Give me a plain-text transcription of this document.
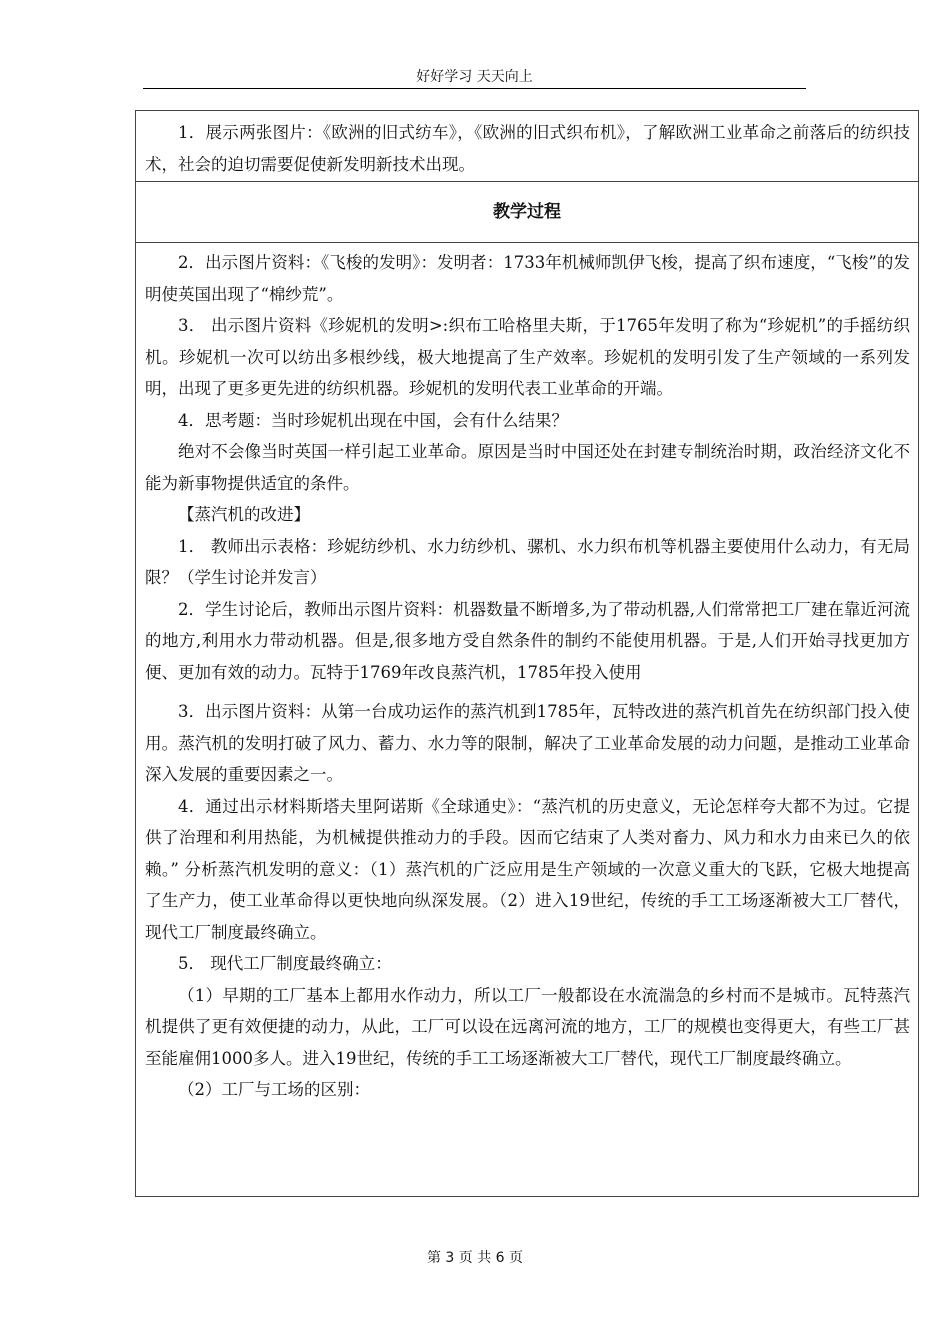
好好学习 天天向上

1．展示两张图片：《欧洲的旧式纺车》，《欧洲的旧式织布机》，了解欧洲工业革命之前落后的纺织技术，社会的迫切需要促使新发明新技术出现。

教学过程

2．出示图片资料：《飞梭的发明》：发明者：1733年机械师凯伊飞梭，提高了织布速度，“飞梭”的发明使英国出现了“棉纱荒”。

3． 出示图片资料《珍妮机的发明>:织布工哈格里夫斯，于1765年发明了称为“珍妮机”的手摇纺织机。珍妮机一次可以纺出多根纱线，极大地提高了生产效率。珍妮机的发明引发了生产领域的一系列发明，出现了更多更先进的纺织机器。珍妮机的发明代表工业革命的开端。

4．思考题：当时珍妮机出现在中国，会有什么结果？

绝对不会像当时英国一样引起工业革命。原因是当时中国还处在封建专制统治时期，政治经济文化不能为新事物提供适宜的条件。

【蒸汽机的改进】

1． 教师出示表格：珍妮纺纱机、水力纺纱机、骡机、水力织布机等机器主要使用什么动力，有无局限？（学生讨论并发言）

2．学生讨论后，教师出示图片资料：机器数量不断增多,为了带动机器,人们常常把工厂建在靠近河流的地方,利用水力带动机器。但是,很多地方受自然条件的制约不能使用机器。于是,人们开始寻找更加方便、更加有效的动力。瓦特于1769年改良蒸汽机，1785年投入使用

3．出示图片资料：从第一台成功运作的蒸汽机到1785年，瓦特改进的蒸汽机首先在纺织部门投入使用。蒸汽机的发明打破了风力、蓄力、水力等的限制，解决了工业革命发展的动力问题，是推动工业革命深入发展的重要因素之一。

4．通过出示材料斯塔夫里阿诺斯《全球通史》：“蒸汽机的历史意义，无论怎样夸大都不为过。它提供了治理和利用热能，为机械提供推动力的手段。因而它结束了人类对畜力、风力和水力由来已久的依赖。” 分析蒸汽机发明的意义：（1）蒸汽机的广泛应用是生产领域的一次意义重大的飞跃，它极大地提高了生产力，使工业革命得以更快地向纵深发展。（2）进入19世纪，传统的手工工场逐渐被大工厂替代，现代工厂制度最终确立。

5． 现代工厂制度最终确立：

（1）早期的工厂基本上都用水作动力，所以工厂一般都设在水流湍急的乡村而不是城市。瓦特蒸汽机提供了更有效便捷的动力，从此，工厂可以设在远离河流的地方，工厂的规模也变得更大，有些工厂甚至能雇佣1000多人。进入19世纪，传统的手工工场逐渐被大工厂替代，现代工厂制度最终确立。

（2）工厂与工场的区别：

第 3 页 共 6 页
